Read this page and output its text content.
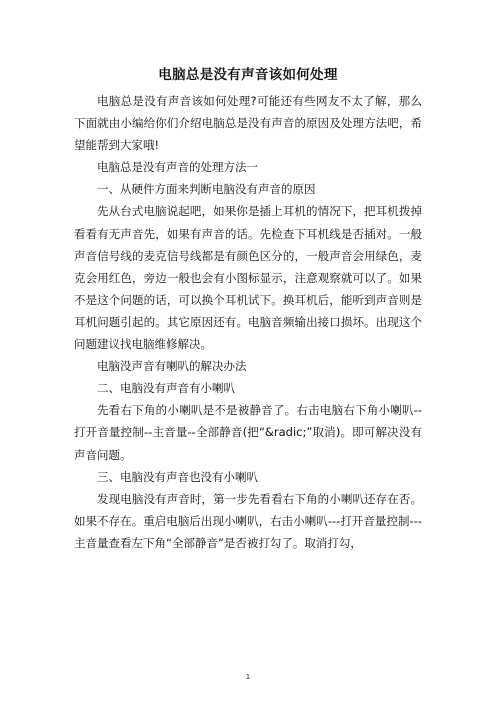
电脑总是没有声音该如何处理

电脑总是没有声音该如何处理?可能还有些网友不太了解，那么下面就由小编给你们介绍电脑总是没有声音的原因及处理方法吧，希望能帮到大家哦!

电脑总是没有声音的处理方法一

一、从硬件方面来判断电脑没有声音的原因

先从台式电脑说起吧，如果你是插上耳机的情况下，把耳机拨掉看看有无声音先，如果有声音的话。先检查下耳机线是否插对。一般声音信号线的麦克信号线都是有颜色区分的，一般声音会用绿色，麦克会用红色，旁边一般也会有小图标显示，注意观察就可以了。如果不是这个问题的话，可以换个耳机试下。换耳机后，能听到声音则是耳机问题引起的。其它原因还有。电脑音频输出接口损坏。出现这个问题建议找电脑维修解决。

电脑没声音有喇叭的解决办法

二、电脑没有声音有小喇叭

先看右下角的小喇叭是不是被静音了。右击电脑右下角小喇叭--打开音量控制--主音量--全部静音(把“&radic;”取消)。即可解决没有声音问题。

三、电脑没有声音也没有小喇叭

发现电脑没有声音时，第一步先看看右下角的小喇叭还存在否。如果不存在。重启电脑后出现小喇叭，右击小喇叭---打开音量控制---主音量查看左下角“全部静音”是否被打勾了。取消打勾，

1
